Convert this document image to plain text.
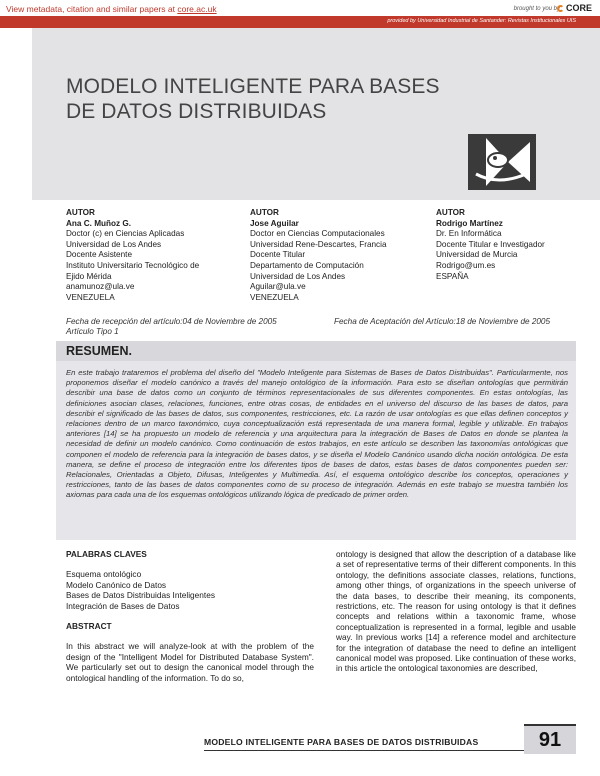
View metadata, citation and similar papers at core.ac.uk	brought to you by CORE
provided by Universidad Industrial de Santander: Revistas Institucionales UIS
MODELO INTELIGENTE PARA BASES DE DATOS DISTRIBUIDAS
AUTOR
Ana C. Muñoz G.
Doctor (c) en Ciencias Aplicadas
Universidad de Los Andes
Docente Asistente
Instituto Universitario Tecnológico de
Ejido Mérida
anamunoz@ula.ve
VENEZUELA
AUTOR
Jose Aguilar
Doctor en Ciencias Computacionales
Universidad Rene-Descartes, Francia
Docente Titular
Departamento de Computación
Universidad de Los Andes
Aguilar@ula.ve
VENEZUELA
AUTOR
Rodrigo Martínez
Dr. En Informática
Docente Titular e Investigador
Universidad de Murcia
Rodrigo@um.es
ESPAÑA
Fecha de recepción del artículo:04 de Noviembre de 2005
Artículo Tipo 1
Fecha de Aceptación del Artículo:18 de Noviembre de 2005
RESUMEN.
En este trabajo trataremos el problema del diseño del "Modelo Inteligente para Sistemas de Bases de Datos Distribuidas". Particularmente, nos proponemos diseñar el modelo canónico a través del manejo ontológico de la información. Para esto se diseñan ontologías que permitirán describir una base de datos como un conjunto de términos representacionales de sus diferentes componentes. En estas ontologías, las definiciones asocian clases, relaciones, funciones, entre otras cosas, de entidades en el universo del discurso de las bases de datos, para describir el significado de las bases de datos, sus componentes, restricciones, etc. La razón de usar ontologías es que ellas definen conceptos y relaciones dentro de un marco taxonómico, cuya conceptualización está representada de una manera formal, legible y utilizable. En trabajos anteriores [14] se ha propuesto un modelo de referencia y una arquitectura para la integración de Bases de Datos en donde se plantea la necesidad de definir un modelo canónico. Como continuación de estos trabajos, en este artículo se describen las taxonomías ontológicas que componen el modelo de referencia para la integración de bases datos, y se diseña el Modelo Canónico usando dicha noción ontológica. De esta manera, se define el proceso de integración entre los diferentes tipos de bases de datos, estas bases de datos componentes pueden ser: Relacionales, Orientadas a Objeto, Difusas, Inteligentes y Multimedia. Así, el esquema ontológico describe los conceptos, operaciones y restricciones, tanto de las bases de datos componentes como de su proceso de integración. Además en este trabajo se muestra también los axiomas para cada una de los esquemas ontológicos utilizando lógica de predicado de primer orden.
PALABRAS CLAVES
Esquema ontológico
Modelo Canónico de Datos
Bases de Datos Distribuidas Inteligentes
Integración de Bases de Datos
ABSTRACT

In this abstract we will analyze-look at with the problem of the design of the "Intelligent Model for Distributed Database System". We particularly set out to design the canonical model through the ontological handling of the information. To do so,

ontology is designed that allow the description of a database like a set of representative terms of their different components. In this ontology, the definitions associate classes, relations, functions, among other things, of organizations in the speech universe of the data bases, to describe their meaning, its components, restrictions, etc. The reason for using ontology is that it defines concepts and relations within a taxonomic frame, whose conceptualization is represented in a formal, legible and usable way. In previous works [14] a reference model and architecture for the integration of database the need to define an intelligent canonical model was proposed. Like continuation of these works, in this article the ontological taxonomies are described,

MODELO INTELIGENTE PARA BASES DE DATOS DISTRIBUIDAS	91
